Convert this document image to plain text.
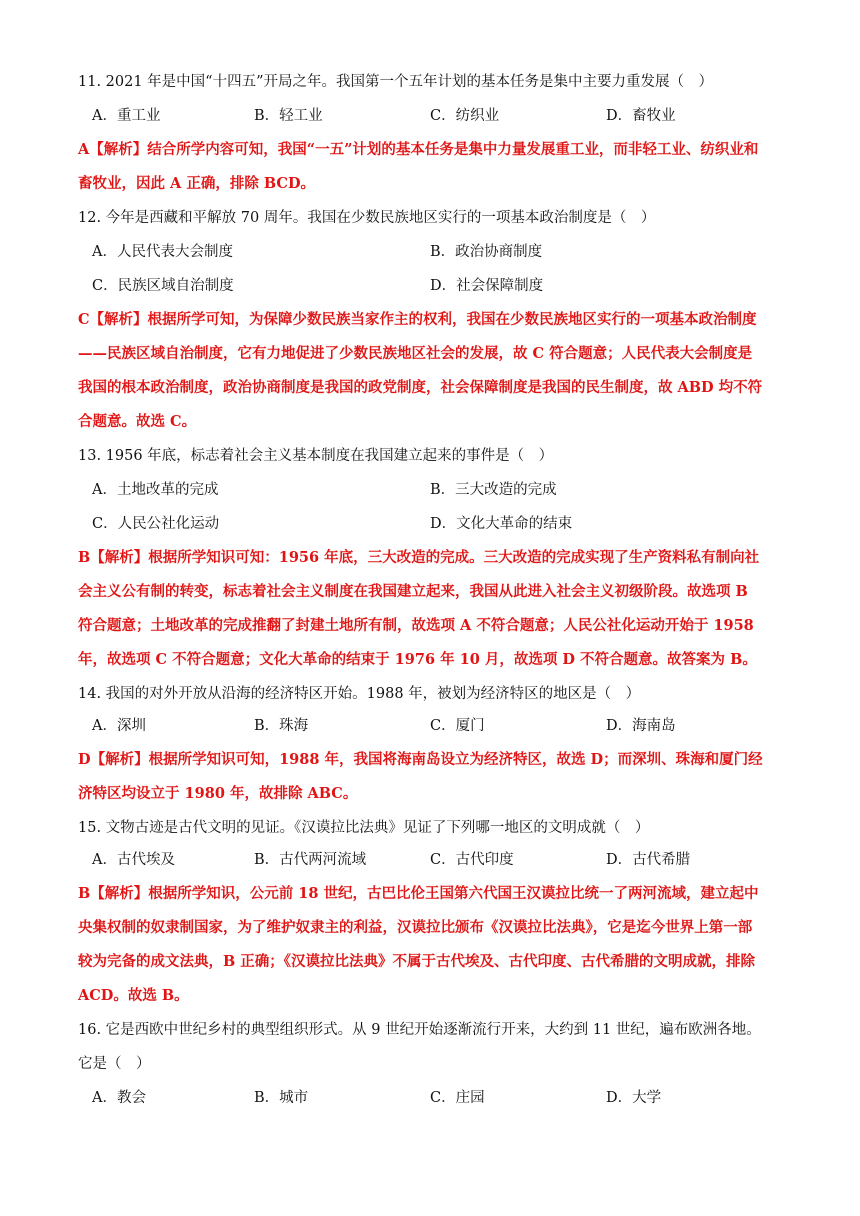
11. 2021 年是中国“十四五”开局之年。我国第一个五年计划的基本任务是集中主要力重发展（　）
A．重工业	B．轻工业	C．纺织业	D．畜牧业
A【解析】结合所学内容可知，我国“一五”计划的基本任务是集中力量发展重工业，而非轻工业、纺织业和
畜牧业，因此 A 正确，排除 BCD。
12. 今年是西藏和平解放 70 周年。我国在少数民族地区实行的一项基本政治制度是（　）
A．人民代表大会制度	B．政治协商制度
C．民族区域自治制度	D．社会保障制度
C【解析】根据所学可知，为保障少数民族当家作主的权利，我国在少数民族地区实行的一项基本政治制度
——民族区域自治制度，它有力地促进了少数民族地区社会的发展，故 C 符合题意；人民代表大会制度是
我国的根本政治制度，政治协商制度是我国的政党制度，社会保障制度是我国的民生制度，故 ABD 均不符
合题意。故选 C。
13. 1956 年底，标志着社会主义基本制度在我国建立起来的事件是（　）
A．土地改革的完成	B．三大改造的完成
C．人民公社化运动	D．文化大革命的结束
B【解析】根据所学知识可知：1956 年底，三大改造的完成。三大改造的完成实现了生产资料私有制向社
会主义公有制的转变，标志着社会主义制度在我国建立起来，我国从此进入社会主义初级阶段。故选项 B
符合题意；土地改革的完成推翻了封建土地所有制，故选项 A 不符合题意；人民公社化运动开始于 1958
年，故选项 C 不符合题意；文化大革命的结束于 1976 年 10 月，故选项 D 不符合题意。故答案为 B。
14. 我国的对外开放从沿海的经济特区开始。1988 年，被划为经济特区的地区是（　）
A．深圳	B．珠海	C．厦门	D．海南岛
D【解析】根据所学知识可知，1988 年，我国将海南岛设立为经济特区，故选 D；而深圳、珠海和厦门经
济特区均设立于 1980 年，故排除 ABC。
15. 文物古迹是古代文明的见证。《汉谟拉比法典》见证了下列哪一地区的文明成就（　）
A．古代埃及	B．古代两河流域	C．古代印度	D．古代希腊
B【解析】根据所学知识，公元前 18 世纪，古巴比伦王国第六代国王汉谟拉比统一了两河流域，建立起中
央集权制的奴隶制国家，为了维护奴隶主的利益，汉谟拉比颁布《汉谟拉比法典》，它是迄今世界上第一部
较为完备的成文法典，B 正确；《汉谟拉比法典》不属于古代埃及、古代印度、古代希腊的文明成就，排除
ACD。故选 B。
16. 它是西欧中世纪乡村的典型组织形式。从 9 世纪开始逐渐流行开来，大约到 11 世纪，遍布欧洲各地。
它是（　）
A．教会	B．城市	C．庄园	D．大学
